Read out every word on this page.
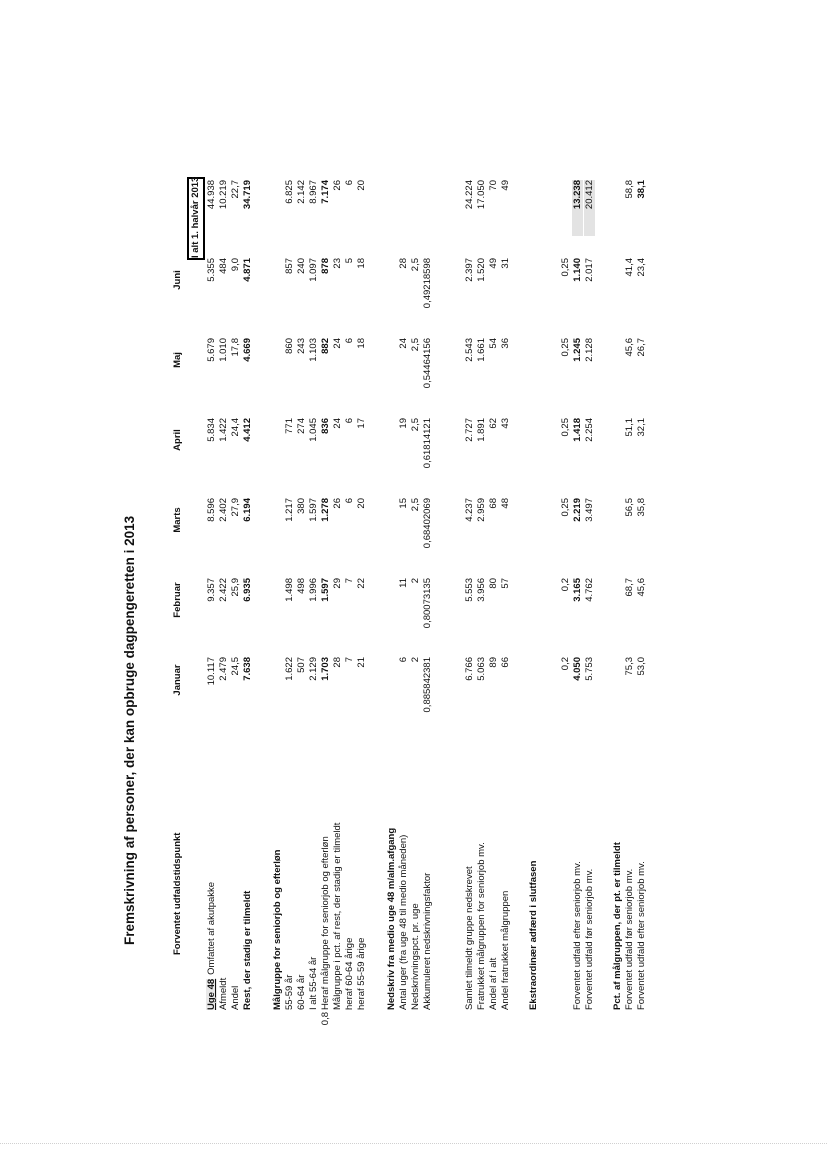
Fremskrivning af personer, der kan opbruge dagpengeretten i 2013	Forventet udfaldstidspunkt
Januar
Februar
Marts
April
Maj
Juni
I alt 1. halvår 2013
Uge 48Omfattet af akutpakke
10.117
9.357
8.596
5.834
5.679
5.355
44.938
Afmeldt
2.479
2.422
2.402
1.422
1.010
484
10.219
Andel
24,5
25,9
27,9
24,4
17,8
9,0
22,7
Rest, der stadig er tilmeldt
7.638
6.935
6.194
4.412
4.669
4.871
34.719
Målgruppe for seniorjob og efterløn 55-59 år
1.622
1.498
1.217
771
860
857
6.825
60-64 år
507
498
380
274
243
240
2.142
I alt 55-64 år
2.129
1.996
1.597
1.045
1.103
1.097
8.967
Heraf målgruppe for seniorjob og efterløn
0,8
1.703
1.597
1.278
836
882
878
7.174
Målgruppe i pct. af rest, der stadig er tilmeldt
28
29
26
24
24
23
26
heraf 60-64 årige
7
7
6
6
6
5
6
heraf 55-59 årige
21
22
20
17
18
18
20
Nedskriv fra medio uge 48 m/alm.afgang Antal uger (fra uge 48 til medio måneden)
6
11
15
19
24
28
Nedskrivningspct. pr. uge
2
2
2,5
2,5
2,5
2,5
Akkumuleret nedskrivningsfaktor
0,885842381
0,80073135
0,68402069
0,61814121
0,54464156
0,49218598
Samlet tilmeldt gruppe nedskrevet
6.766
5.553
4.237
2.727
2.543
2.397
24.224
Fratrukket målgruppen for seniorjob mv.
5.063
3.956
2.959
1.891
1.661
1.520
17.050
Andel af i alt
89
80
68
62
54
49
70
Andel fratrukket målgruppen
66
57
48
43
36
31
49
Ekstraordinær adfærd i slutfasen
0,2
0,2
0,25
0,25
0,25
0,25
Forventet udfald efter seniorjob mv.
4.050
3.165
2.219
1.418
1.245
1.140
13.238
Forventet udfald før seniorjob mv.
5.753
4.762
3.497
2.254
2.128
2.017
20.412
Pct. af målgruppen, der pt. er tilmeldt Forventet udfald før seniorjob mv.
75,3
68,7
56,5
51,1
45,6
41,4
58,8
Forventet udfald efter seniorjob mv.
53,0
45,6
35,8
32,1
26,7
23,4
38,1
